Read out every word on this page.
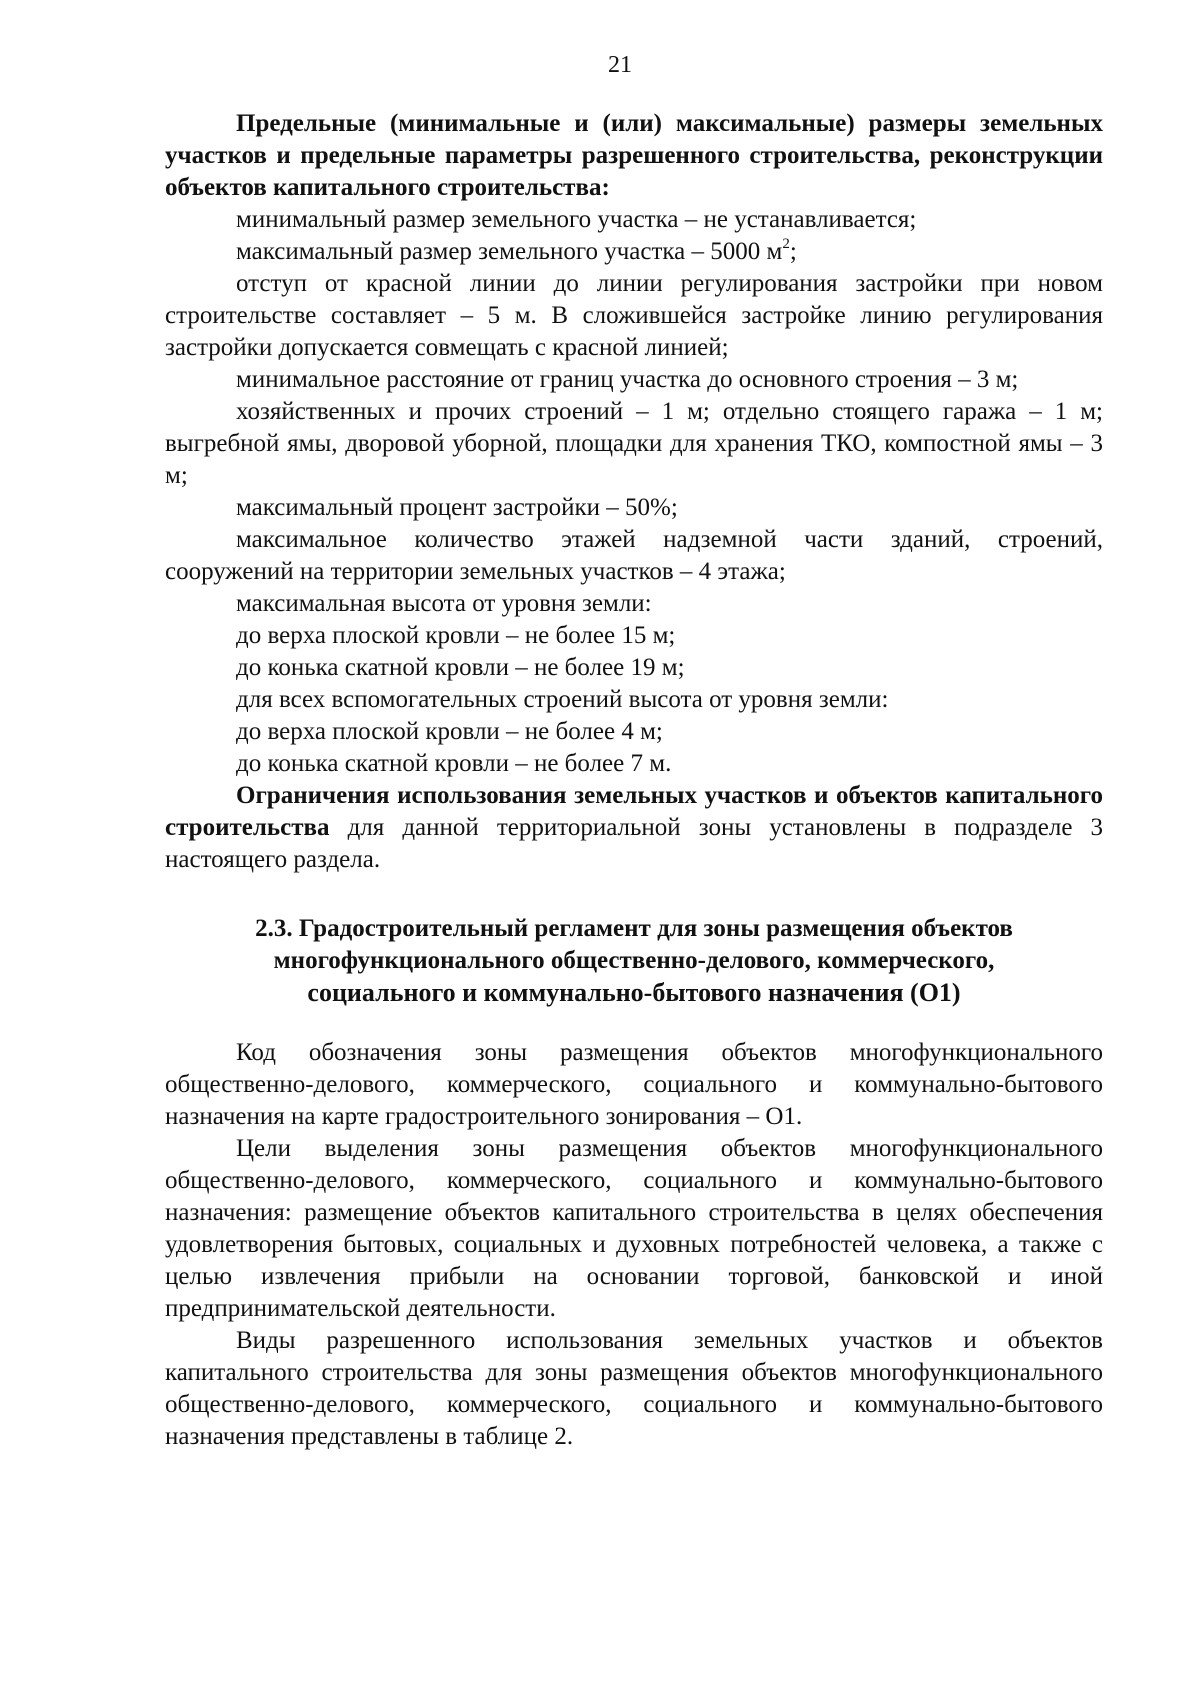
21

Предельные (минимальные и (или) максимальные) размеры земельных участков и предельные параметры разрешенного строительства, реконструкции объектов капитального строительства:

минимальный размер земельного участка – не устанавливается;

максимальный размер земельного участка – 5000 $м^2$;

отступ от красной линии до линии регулирования застройки при новом строительстве составляет – 5 м. В сложившейся застройке линию регулирования застройки допускается совмещать с красной линией;

минимальное расстояние от границ участка до основного строения – 3 м;

хозяйственных и прочих строений – 1 м; отдельно стоящего гаража – 1 м; выгребной ямы, дворовой уборной, площадки для хранения ТКО, компостной ямы – 3 м;

максимальный процент застройки – 50%;

максимальное количество этажей надземной части зданий, строений, сооружений на территории земельных участков – 4 этажа;

максимальная высота от уровня земли:

до верха плоской кровли – не более 15 м;

до конька скатной кровли – не более 19 м;

для всех вспомогательных строений высота от уровня земли:

до верха плоской кровли – не более 4 м;

до конька скатной кровли – не более 7 м.

Ограничения использования земельных участков и объектов капитального строительства для данной территориальной зоны установлены в подразделе 3 настоящего раздела.

2.3. Градостроительный регламент для зоны размещения объектов
многофункционального общественно-делового, коммерческого,
социального и коммунально-бытового назначения (О1)

Код обозначения зоны размещения объектов многофункционального общественно-делового, коммерческого, социального и коммунально-бытового назначения на карте градостроительного зонирования – О1.

Цели выделения зоны размещения объектов многофункционального общественно-делового, коммерческого, социального и коммунально-бытового назначения: размещение объектов капитального строительства в целях обеспечения удовлетворения бытовых, социальных и духовных потребностей человека, а также с целью извлечения прибыли на основании торговой, банковской и иной предпринимательской деятельности.

Виды разрешенного использования земельных участков и объектов капитального строительства для зоны размещения объектов многофункционального общественно-делового, коммерческого, социального и коммунально-бытового назначения представлены в таблице 2.
